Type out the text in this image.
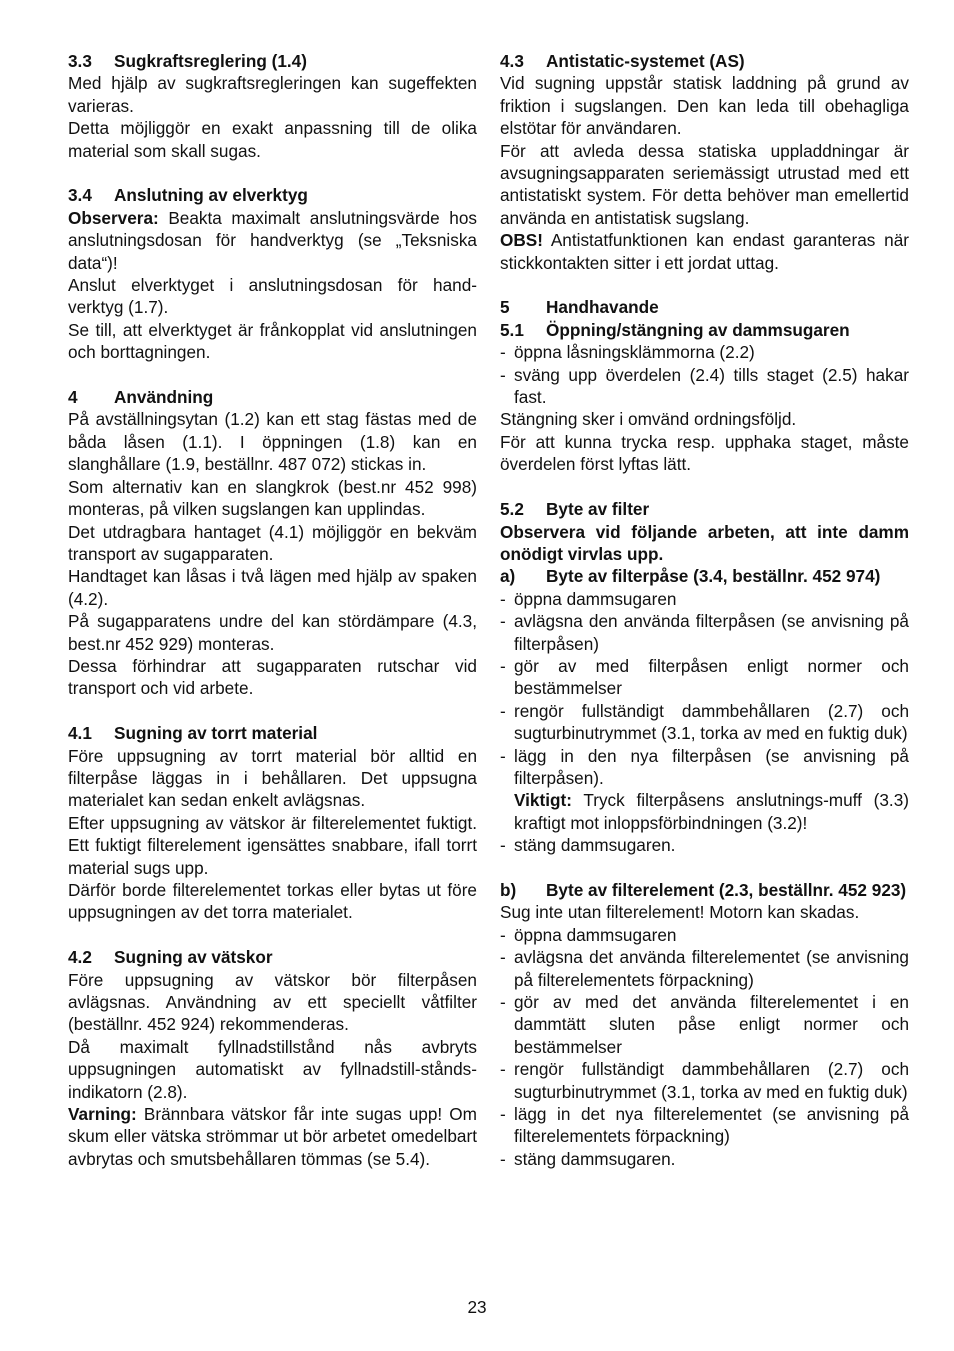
3.3	Sugkraftsreglering (1.4)
Med hjälp av sugkraftsregleringen kan sugeffekten varieras.
Detta möjliggör en exakt anpassning till de olika material som skall sugas.
3.4	Anslutning av elverktyg
Observera: Beakta maximalt anslutningsvärde hos anslutningsdosan för handverktyg (se „Teksniska data“)!
Anslut elverktyget i anslutningsdosan för hand-verktyg (1.7).
Se till, att elverktyget är frånkopplat vid anslutningen och borttagningen.
4	Användning
På avställningsytan (1.2) kan ett stag fästas med de båda låsen (1.1). I öppningen (1.8) kan en slanghållare (1.9, beställnr. 487 072) stickas in.
Som alternativ kan en slangkrok (best.nr 452 998) monteras, på vilken sugslangen kan upplindas.
Det utdragbara hantaget (4.1) möjliggör en bekväm transport av sugapparaten.
Handtaget kan låsas i två lägen med hjälp av spaken (4.2).
På sugapparatens undre del kan stördämpare (4.3, best.nr 452 929) monteras.
Dessa förhindrar att sugapparaten rutschar vid transport och vid arbete.
4.1	Sugning av torrt material
Före uppsugning av torrt material bör alltid en filterpåse läggas in i behållaren. Det uppsugna materialet kan sedan enkelt avlägsnas.
Efter uppsugning av vätskor är filterelementet fuktigt. Ett fuktigt filterelement igensättes snabbare, ifall torrt material sugs upp.
Därför borde filterelementet torkas eller bytas ut före uppsugningen av det torra materialet.
4.2	Sugning av vätskor
Före uppsugning av vätskor bör filterpåsen avlägsnas. Användning av ett speciellt våtfilter (beställnr. 452 924) rekommenderas.
Då maximalt fyllnadstillstånd nås avbryts uppsugningen automatiskt av fyllnadstill-stånds-indikatorn (2.8).
Varning: Brännbara vätskor får inte sugas upp! Om skum eller vätska strömmar ut bör arbetet omedelbart avbrytas och smutsbehållaren tömmas (se 5.4).
4.3	Antistatic-systemet (AS)
Vid sugning uppstår statisk laddning på grund av friktion i sugslangen. Den kan leda till obehagliga elstötar för användaren.
För att avleda dessa statiska uppladdningar är avsugningsapparaten seriemässigt utrustad med ett antistatiskt system. För detta behöver man emellertid använda en antistatisk sugslang.
OBS! Antistatfunktionen kan endast garanteras när stickkontakten sitter i ett jordat uttag.
5	Handhavande
5.1	Öppning/stängning av dammsugaren
- öppna låsningsklämmorna (2.2)
- sväng upp överdelen (2.4) tills staget (2.5) hakar fast.
Stängning sker i omvänd ordningsföljd.
För att kunna trycka resp. upphaka staget, måste överdelen först lyftas lätt.
5.2	Byte av filter
Observera vid följande arbeten, att inte damm onödigt virvlas upp.
a)	Byte av filterpåse (3.4, beställnr. 452 974)
- öppna dammsugaren
- avlägsna den använda filterpåsen (se anvisning på filterpåsen)
- gör av med filterpåsen enligt normer och bestämmelser
- rengör fullständigt dammbehållaren (2.7) och sugturbinutrymmet (3.1, torka av med en fuktig duk)
- lägg in den nya filterpåsen (se anvisning på filterpåsen).
Viktigt: Tryck filterpåsens anslutnings-muff (3.3) kraftigt mot inloppsförbindningen (3.2)!
- stäng dammsugaren.
b)	Byte av filterelement (2.3, beställnr. 452 923)
Sug inte utan filterelement! Motorn kan skadas.
- öppna dammsugaren
- avlägsna det använda filterelementet (se anvisning på filterelementets förpackning)
- gör av med det använda filterelementet i en dammtätt sluten påse enligt normer och bestämmelser
- rengör fullständigt dammbehållaren (2.7) och sugturbinutrymmet (3.1, torka av med en fuktig duk)
- lägg in det nya filterelementet (se anvisning på filterelementets förpackning)
- stäng dammsugaren.
23
